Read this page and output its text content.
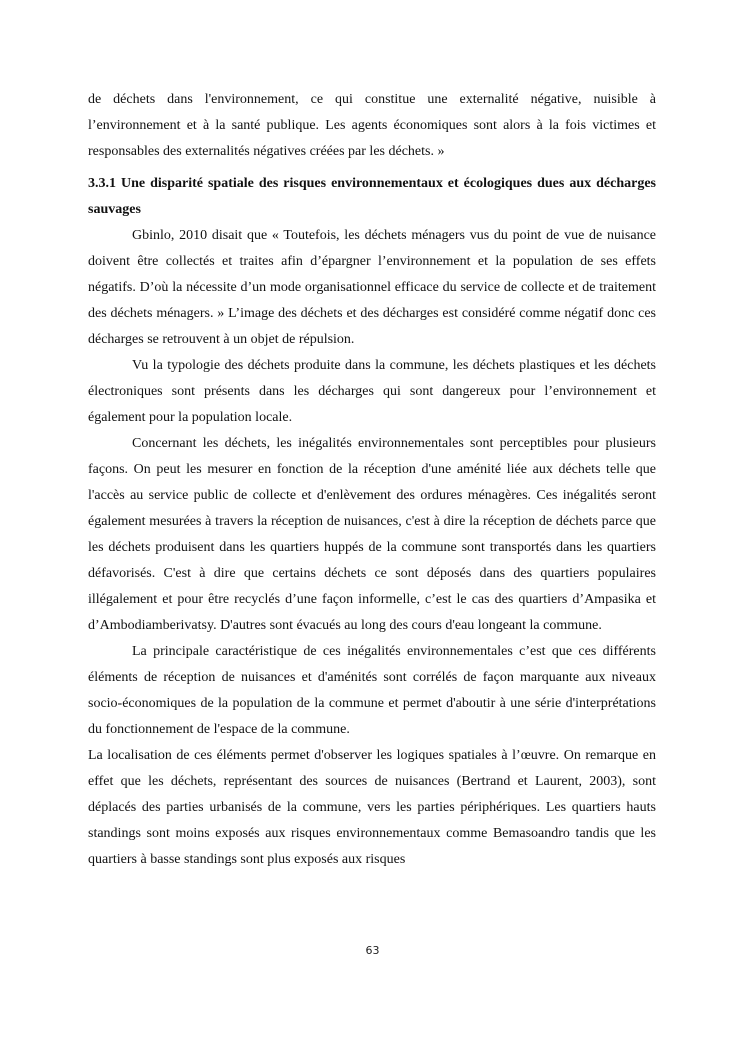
de déchets dans l'environnement, ce qui constitue une externalité négative, nuisible à l’environnement et à la santé publique. Les agents économiques sont alors à la fois victimes et responsables des externalités négatives créées par les déchets. »

3.3.1 Une disparité spatiale des risques environnementaux et écologiques dues aux décharges sauvages

Gbinlo, 2010 disait que « Toutefois, les déchets ménagers vus du point de vue de nuisance doivent être collectés et traites afin d’épargner l’environnement et la population de ses effets négatifs. D’où la nécessite d’un mode organisationnel efficace du service de collecte et de traitement des déchets ménagers. » L’image des déchets et des décharges est considéré comme négatif donc ces décharges se retrouvent à un objet de répulsion.

Vu la typologie des déchets produite dans la commune, les déchets plastiques et les déchets électroniques sont présents dans les décharges qui sont dangereux pour l’environnement et également pour la population locale.

Concernant les déchets, les inégalités environnementales sont perceptibles pour plusieurs façons. On peut les mesurer en fonction de la réception d'une aménité liée aux déchets telle que l'accès au service public de collecte et d'enlèvement des ordures ménagères. Ces inégalités seront également mesurées à travers la réception de nuisances, c'est à dire la réception de déchets parce que les déchets produisent dans les quartiers huppés de la commune sont transportés dans les quartiers défavorisés. C'est à dire que certains déchets ce sont déposés dans des quartiers populaires illégalement et pour être recyclés d’une façon informelle, c’est le cas des quartiers d’Ampasika et d’Ambodiamberivatsy. D'autres sont évacués au long des cours d'eau longeant la commune.

La principale caractéristique de ces inégalités environnementales c’est que ces différents éléments de réception de nuisances et d'aménités sont corrélés de façon marquante aux niveaux socio-économiques de la population de la commune et permet d'aboutir à une série d'interprétations du fonctionnement de l'espace de la commune.

La localisation de ces éléments permet d'observer les logiques spatiales à l’œuvre. On remarque en effet que les déchets, représentant des sources de nuisances (Bertrand et Laurent, 2003), sont déplacés des parties urbanisés de la commune, vers les parties périphériques. Les quartiers hauts standings sont moins exposés aux risques environnementaux comme Bemasoandro tandis que les quartiers à basse standings sont plus exposés aux risques

63
